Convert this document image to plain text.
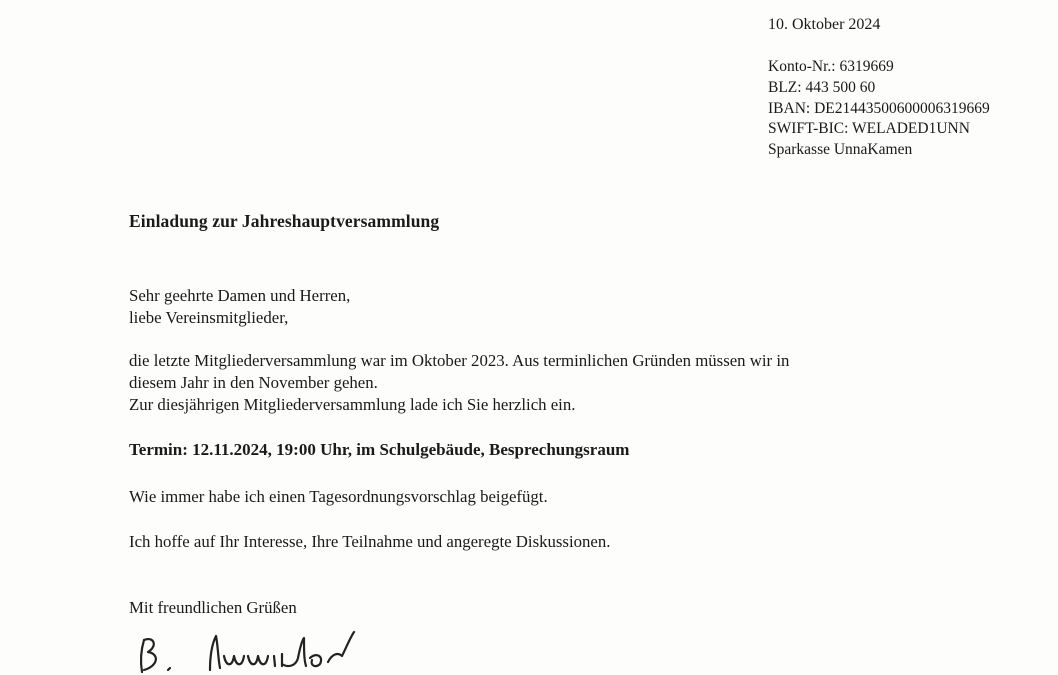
10. Oktober 2024
Konto-Nr.: 6319669
BLZ: 443 500 60
IBAN: DE21443500600006319669
SWIFT-BIC: WELADED1UNN
Sparkasse UnnaKamen
Einladung zur Jahreshauptversammlung
Sehr geehrte Damen und Herren,
liebe Vereinsmitglieder,
die letzte Mitgliederversammlung war im Oktober 2023. Aus terminlichen Gründen müssen wir in
diesem Jahr in den November gehen.
Zur diesjährigen Mitgliederversammlung lade ich Sie herzlich ein.
Termin: 12.11.2024, 19:00 Uhr, im Schulgebäude, Besprechungsraum
Wie immer habe ich einen Tagesordnungsvorschlag beigefügt.
Ich hoffe auf Ihr Interesse, Ihre Teilnahme und angeregte Diskussionen.
Mit freundlichen Grüßen
